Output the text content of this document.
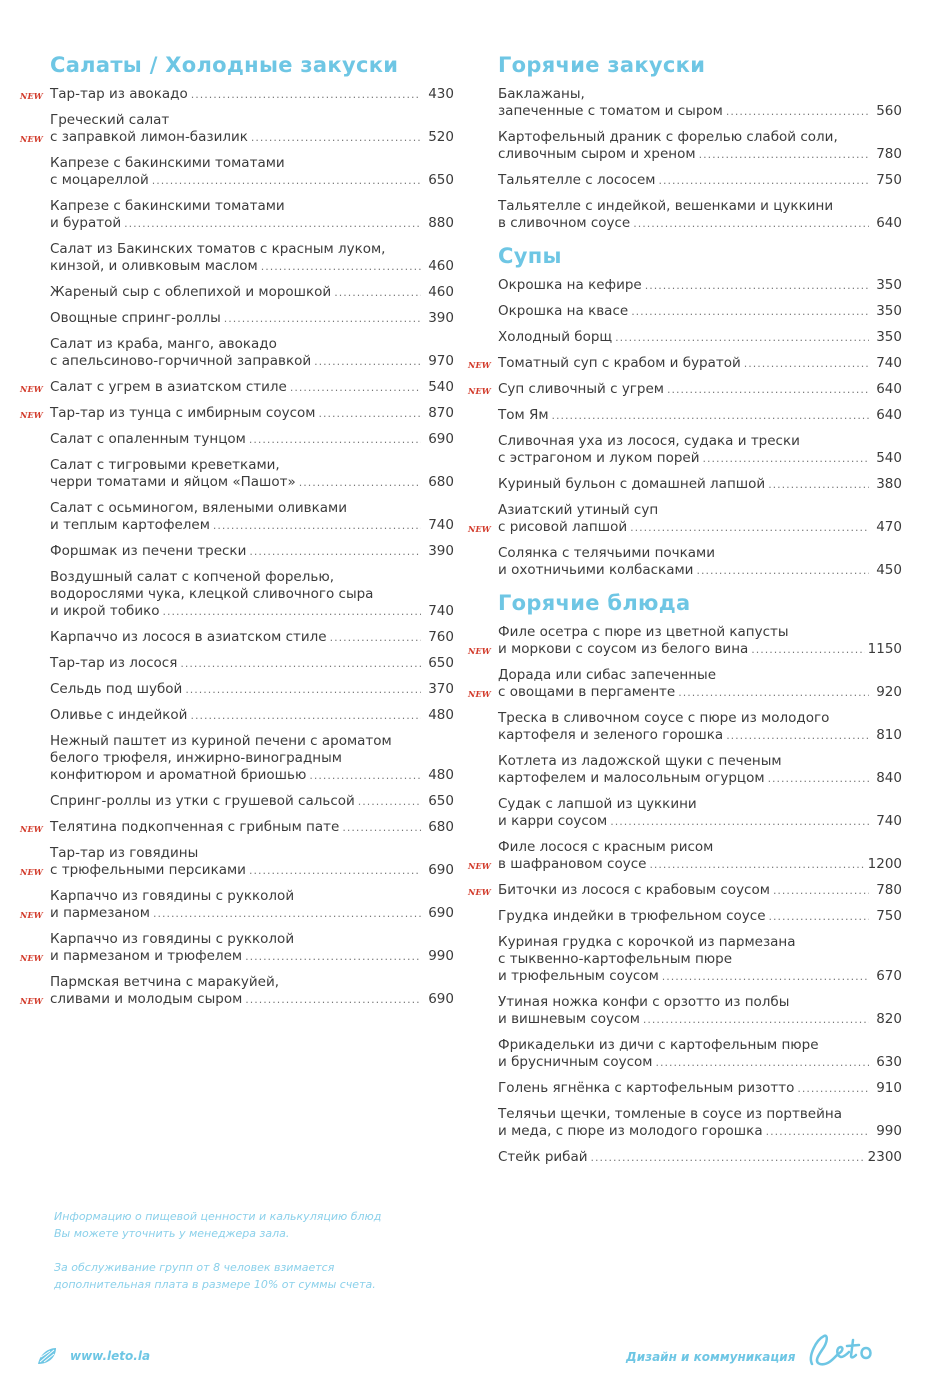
Салаты / Холодные закуски
NEW Тар-тар из авокадо .....	430
NEW
Греческий салат
с заправкой лимон-базилик .....	520
Капрезе с бакинскими томатами
с моцареллой .....	650
Капрезе с бакинскими томатами
и буратой .....	880
Салат из Бакинских томатов с красным луком,
кинзой, и оливковым маслом .....	460
Жареный сыр с облепихой и морошкой .....	460
Овощные спринг-роллы .....	390
Салат из краба, манго, авокадо
с апельсиново-горчичной заправкой .....	970
NEW Салат с угрем в азиатском стиле .....	540
NEW Тар-тар из тунца с имбирным соусом .....	870
Салат с опаленным тунцом .....	690
Салат с тигровыми креветками,
черри томатами и яйцом «Пашот» .....	680
Салат с осьминогом, вялеными оливками
и теплым картофелем .....	740
Форшмак из печени трески .....	390
Воздушный салат с копченой форелью,
водорослями чука, клецкой сливочного сыра
и икрой тобико .....	740
Карпаччо из лосося в азиатском стиле .....	760
Тар-тар из лосося .....	650
Сельдь под шубой .....	370
Оливье с индейкой .....	480
Нежный паштет из куриной печени с ароматом
белого трюфеля, инжирно-виноградным
конфитюром и ароматной бриошью .....	480
Спринг-роллы из утки с грушевой сальсой .....	650
NEW Телятина подкопченная с грибным пате .....	680
NEW
Тар-тар из говядины
с трюфельными персиками .....	690
NEW
Карпаччо из говядины с рукколой
и пармезаном .....	690
NEW
Карпаччо из говядины с рукколой
и пармезаном и трюфелем .....	990
NEW
Пармская ветчина с маракуйей,
сливами и молодым сыром .....	690
Горячие закуски
Баклажаны,
запеченные с томатом и сыром .....	560
Картофельный драник с форелью слабой соли,
сливочным сыром и хреном .....	780
Тальятелле с лососем .....	750
Тальятелле с индейкой, вешенками и цуккини
в сливочном соусе .....	640
Супы
Окрошка на кефире .....	350
Окрошка на квасе .....	350
Холодный борщ .....	350
NEW Томатный суп с крабом и буратой .....	740
NEW Суп сливочный с угрем .....	640
Том Ям .....	640
Сливочная уха из лосося, судака и трески
с эстрагоном и луком порей .....	540
Куриный бульон с домашней лапшой .....	380
NEW
Азиатский утиный суп
с рисовой лапшой .....	470
Солянка с телячьими почками
и охотничьими колбасками .....	450
Горячие блюда
NEW
Филе осетра с пюре из цветной капусты
и моркови с соусом из белого вина .....	1150
NEW
Дорада или сибас запеченные
с овощами в пергаменте .....	920
Треска в сливочном соусе с пюре из молодого
картофеля и зеленого горошка .....	810
Котлета из ладожской щуки с печеным
картофелем и малосольным огурцом .....	840
Судак с лапшой из цуккини
и карри соусом .....	740
NEW
Филе лосося с красным рисом
в шафрановом соусе .....	1200
NEW Биточки из лосося с крабовым соусом .....	780
Грудка индейки в трюфельном соусе .....	750
Куриная грудка с корочкой из пармезана
с тыквенно-картофельным пюре
и трюфельным соусом .....	670
Утиная ножка конфи с орзотто из полбы
и вишневым соусом .....	820
Фрикадельки из дичи с картофельным пюре
и брусничным соусом .....	630
Голень ягнёнка с картофельным ризотто .....	910
Телячьи щечки, томленые в соусе из портвейна
и меда, с пюре из молодого горошка .....	990
Стейк рибай .....	2300

Информацию о пищевой ценности и калькуляцию блюд
Вы можете уточнить у менеджера зала.

За обслуживание групп от 8 человек взимается
дополнительная плата в размере 10% от суммы счета.

www.leto.la	Дизайн и коммуникация
